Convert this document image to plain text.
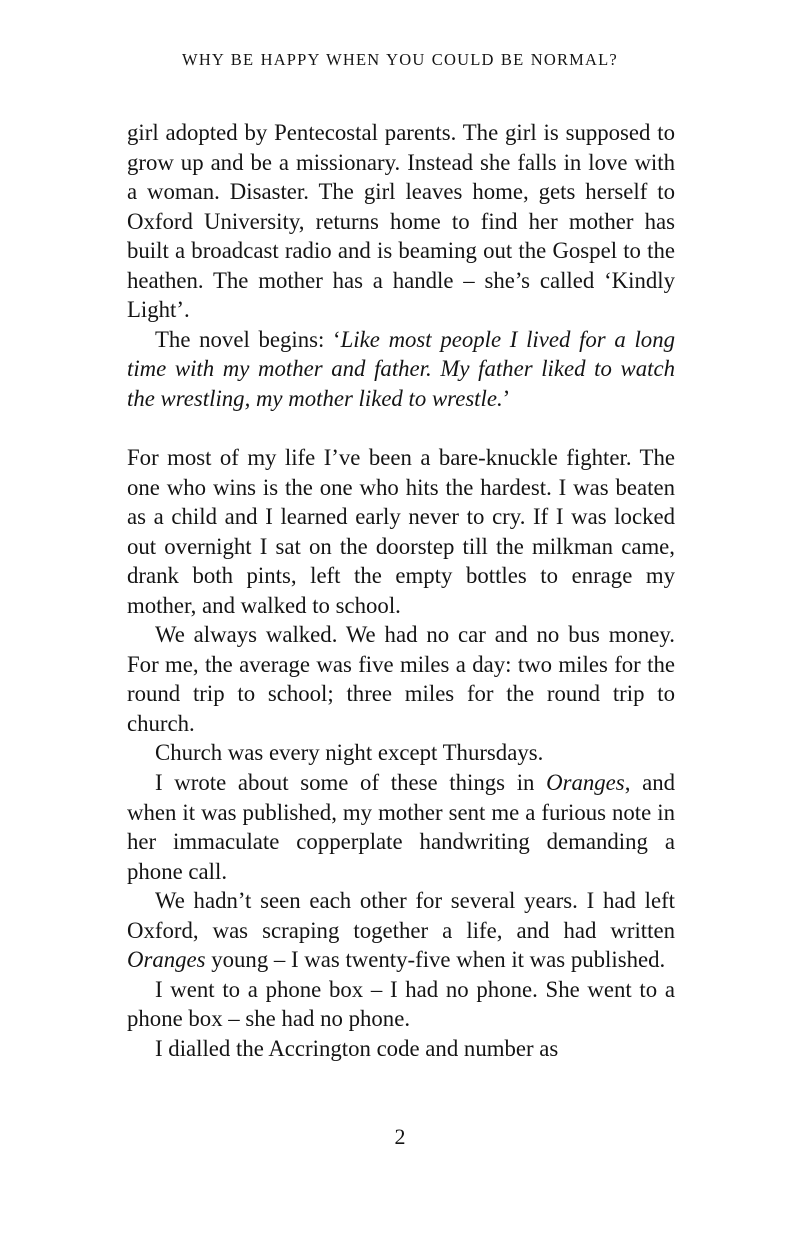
WHY BE HAPPY WHEN YOU COULD BE NORMAL?

girl adopted by Pentecostal parents. The girl is supposed to grow up and be a missionary. Instead she falls in love with a woman. Disaster. The girl leaves home, gets herself to Oxford University, returns home to find her mother has built a broadcast radio and is beaming out the Gospel to the heathen. The mother has a handle – she’s called ‘Kindly Light’.

The novel begins: ‘Like most people I lived for a long time with my mother and father. My father liked to watch the wrestling, my mother liked to wrestle.’

For most of my life I’ve been a bare-knuckle fighter. The one who wins is the one who hits the hardest. I was beaten as a child and I learned early never to cry. If I was locked out overnight I sat on the doorstep till the milkman came, drank both pints, left the empty bottles to enrage my mother, and walked to school.

We always walked. We had no car and no bus money. For me, the average was five miles a day: two miles for the round trip to school; three miles for the round trip to church.

Church was every night except Thursdays.

I wrote about some of these things in Oranges, and when it was published, my mother sent me a furious note in her immaculate copperplate handwriting demanding a phone call.

We hadn’t seen each other for several years. I had left Oxford, was scraping together a life, and had written Oranges young – I was twenty-five when it was published.

I went to a phone box – I had no phone. She went to a phone box – she had no phone.

I dialled the Accrington code and number as

2
